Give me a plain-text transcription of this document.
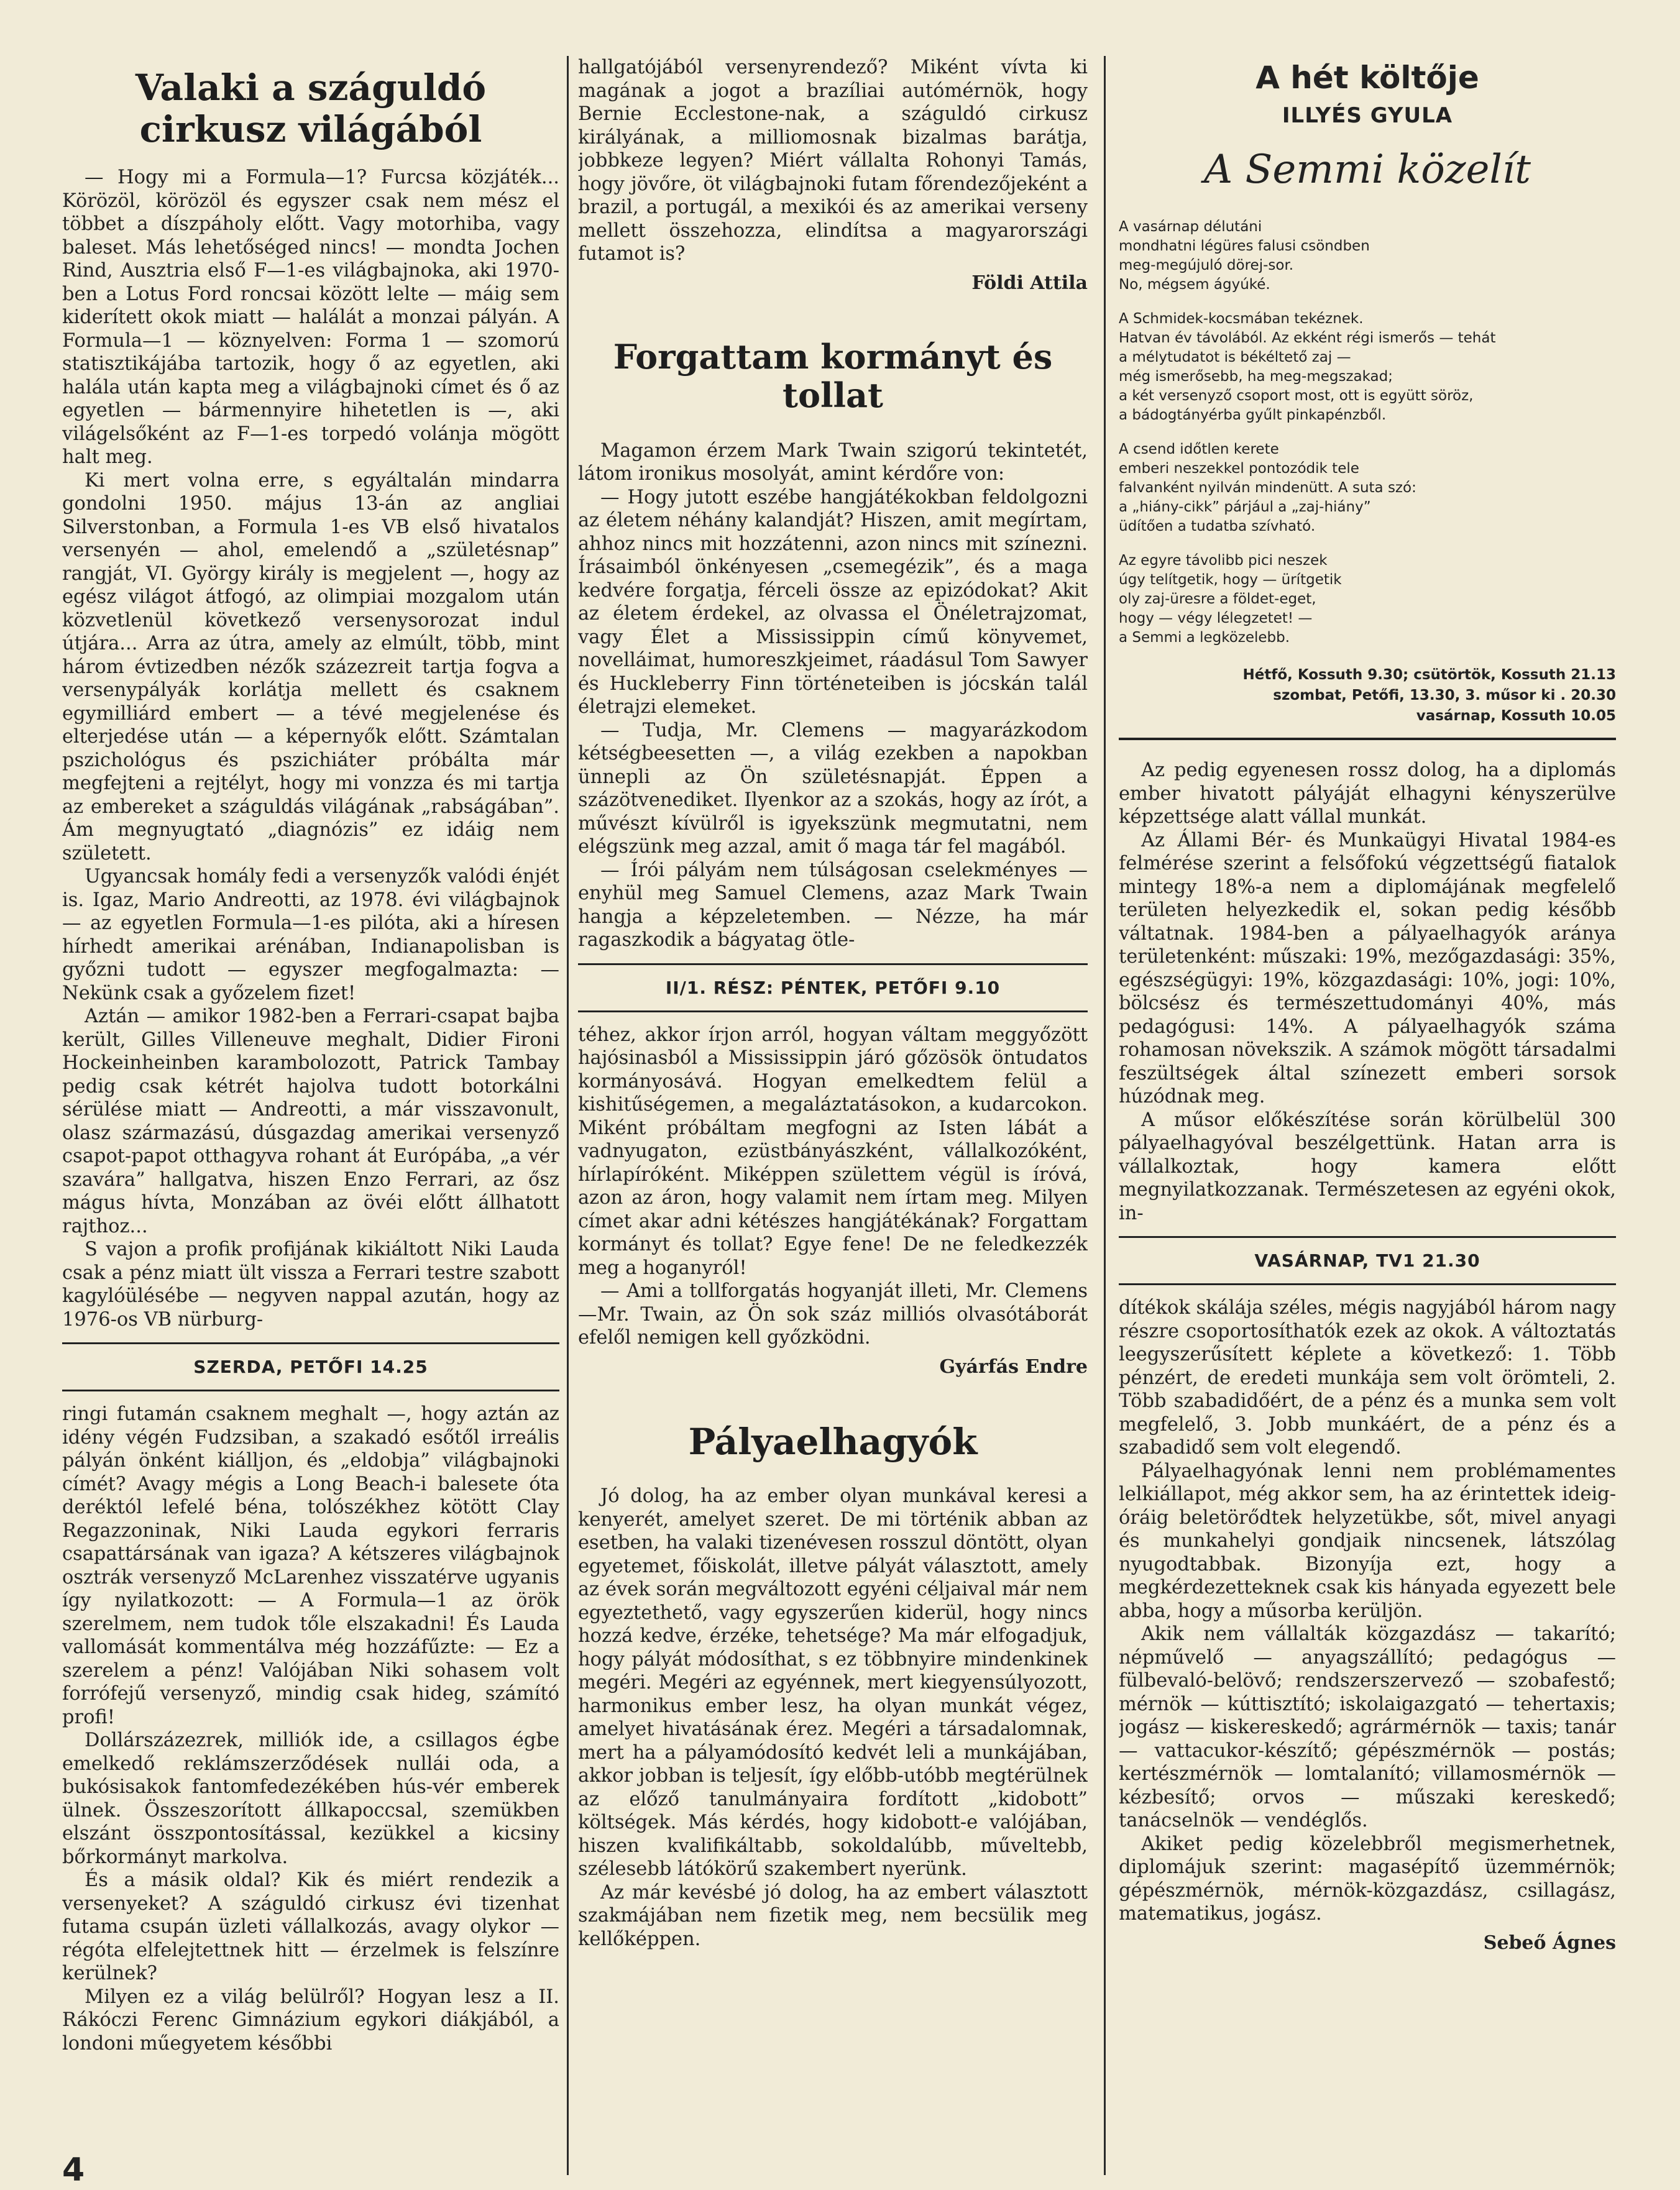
Valaki a száguldó cirkusz világából

— Hogy mi a Formula—1? Furcsa közjáték... Körözöl, körözöl és egyszer csak nem mész el többet a díszpáholy előtt. Vagy motorhiba, vagy baleset. Más lehetőséged nincs! — mondta Jochen Rind, Ausztria első F—1-es világbajnoka, aki 1970-ben a Lotus Ford roncsai között lelte — máig sem kiderített okok miatt — halálát a monzai pályán. A Formula—1 — köznyelven: Forma 1 — szomorú statisztikájába tartozik, hogy ő az egyetlen, aki halála után kapta meg a világbajnoki címet és ő az egyetlen — bármennyire hihetetlen is —, aki világelsőként az F—1-es torpedó volánja mögött halt meg.

Ki mert volna erre, s egyáltalán mindarra gondolni 1950. május 13-án az angliai Silverstonban, a Formula 1-es VB első hivatalos versenyén — ahol, emelendő a „születésnap” rangját, VI. György király is megjelent —, hogy az egész világot átfogó, az olimpiai mozgalom után közvetlenül következő versenysorozat indul útjára... Arra az útra, amely az elmúlt, több, mint három évtizedben nézők százezreit tartja fogva a versenypályák korlátja mellett és csaknem egymilliárd embert — a tévé megjelenése és elterjedése után — a képernyők előtt. Számtalan pszichológus és pszichiáter próbálta már megfejteni a rejtélyt, hogy mi vonzza és mi tartja az embereket a száguldás világának „rabságában”. Ám megnyugtató „diagnózis” ez idáig nem született.

Ugyancsak homály fedi a versenyzők valódi énjét is. Igaz, Mario Andreotti, az 1978. évi világbajnok — az egyetlen Formula—1-es pilóta, aki a híresen hírhedt amerikai arénában, Indianapolisban is győzni tudott — egyszer megfogalmazta: — Nekünk csak a győzelem fizet!

Aztán — amikor 1982-ben a Ferrari-csapat bajba került, Gilles Villeneuve meghalt, Didier Fironi Hockeinheinben karambolozott, Patrick Tambay pedig csak kétrét hajolva tudott botorkálni sérülése miatt — Andreotti, a már visszavonult, olasz származású, dúsgazdag amerikai versenyző csapot-papot otthagyva rohant át Európába, „a vér szavára” hallgatva, hiszen Enzo Ferrari, az ősz mágus hívta, Monzában az övéi előtt állhatott rajthoz...

S vajon a profik profijának kikiáltott Niki Lauda csak a pénz miatt ült vissza a Ferrari testre szabott kagylóülésébe — negyven nappal azután, hogy az 1976-os VB nürburg-

SZERDA, PETŐFI 14.25

ringi futamán csaknem meghalt —, hogy aztán az idény végén Fudzsiban, a szakadó esőtől irreális pályán önként kiálljon, és „eldobja” világbajnoki címét? Avagy mégis a Long Beach-i balesete óta deréktól lefelé béna, tolószékhez kötött Clay Regazzoninak, Niki Lauda egykori ferraris csapattársának van igaza? A kétszeres világbajnok osztrák versenyző McLarenhez visszatérve ugyanis így nyilatkozott: — A Formula—1 az örök szerelmem, nem tudok tőle elszakadni! És Lauda vallomását kommentálva még hozzáfűzte: — Ez a szerelem a pénz! Valójában Niki sohasem volt forrófejű versenyző, mindig csak hideg, számító profi!

Dollárszázezrek, milliók ide, a csillagos égbe emelkedő reklámszerződések nullái oda, a bukósisakok fantomfedezékében hús-vér emberek ülnek. Összeszorított állkapoccsal, szemükben elszánt összpontosítással, kezükkel a kicsiny bőrkormányt markolva.

És a másik oldal? Kik és miért rendezik a versenyeket? A száguldó cirkusz évi tizenhat futama csupán üzleti vállalkozás, avagy olykor — régóta elfelejtettnek hitt — érzelmek is felszínre kerülnek?

Milyen ez a világ belülről? Hogyan lesz a II. Rákóczi Ferenc Gimnázium egykori diákjából, a londoni műegyetem későbbi

hallgatójából versenyrendező? Miként vívta ki magának a jogot a brazíliai autómérnök, hogy Bernie Ecclestone-nak, a száguldó cirkusz királyának, a milliomosnak bizalmas barátja, jobbkeze legyen? Miért vállalta Rohonyi Tamás, hogy jövőre, öt világbajnoki futam főrendezőjeként a brazil, a portugál, a mexikói és az amerikai verseny mellett összehozza, elindítsa a magyarországi futamot is?

Földi Attila

Forgattam kormányt és tollat

Magamon érzem Mark Twain szigorú tekintetét, látom ironikus mosolyát, amint kérdőre von:

— Hogy jutott eszébe hangjátékokban feldolgozni az életem néhány kalandját? Hiszen, amit megírtam, ahhoz nincs mit hozzátenni, azon nincs mit színezni. Írásaimból önkényesen „csemegézik”, és a maga kedvére forgatja, férceli össze az epizódokat? Akit az életem érdekel, az olvassa el Önéletrajzomat, vagy Élet a Mississippin című könyvemet, novelláimat, humoreszkjeimet, ráadásul Tom Sawyer és Huckleberry Finn történeteiben is jócskán talál életrajzi elemeket.

— Tudja, Mr. Clemens — magyarázkodom kétségbeesetten —, a világ ezekben a napokban ünnepli az Ön születésnapját. Éppen a százötvenediket. Ilyenkor az a szokás, hogy az írót, a művészt kívülről is igyekszünk megmutatni, nem elégszünk meg azzal, amit ő maga tár fel magából.

— Írói pályám nem túlságosan cselekményes — enyhül meg Samuel Clemens, azaz Mark Twain hangja a képzeletemben. — Nézze, ha már ragaszkodik a bágyatag ötle-

II/1. RÉSZ: PÉNTEK, PETŐFI 9.10

téhez, akkor írjon arról, hogyan váltam meggyőzött hajósinasból a Mississippin járó gőzösök öntudatos kormányosává. Hogyan emelkedtem felül a kishitűségemen, a megaláztatásokon, a kudarcokon. Miként próbáltam megfogni az Isten lábát a vadnyugaton, ezüstbányászként, vállalkozóként, hírlapíróként. Miképpen születtem végül is íróvá, azon az áron, hogy valamit nem írtam meg. Milyen címet akar adni kétészes hangjátékának? Forgattam kormányt és tollat? Egye fene! De ne feledkezzék meg a hoganyról!

— Ami a tollforgatás hogyanját illeti, Mr. Clemens—Mr. Twain, az Ön sok száz milliós olvasótáborát efelől nemigen kell győzködni.

Gyárfás Endre

Pályaelhagyók

Jó dolog, ha az ember olyan munkával keresi a kenyerét, amelyet szeret. De mi történik abban az esetben, ha valaki tizenévesen rosszul döntött, olyan egyetemet, főiskolát, illetve pályát választott, amely az évek során megváltozott egyéni céljaival már nem egyeztethető, vagy egyszerűen kiderül, hogy nincs hozzá kedve, érzéke, tehetsége? Ma már elfogadjuk, hogy pályát módosíthat, s ez többnyire mindenkinek megéri. Megéri az egyénnek, mert kiegyensúlyozott, harmonikus ember lesz, ha olyan munkát végez, amelyet hivatásának érez. Megéri a társadalomnak, mert ha a pályamódosító kedvét leli a munkájában, akkor jobban is teljesít, így előbb-utóbb megtérülnek az előző tanulmányaira fordított „kidobott” költségek. Más kérdés, hogy kidobott-e valójában, hiszen kvalifikáltabb, sokoldalúbb, műveltebb, szélesebb látókörű szakembert nyerünk.

Az már kevésbé jó dolog, ha az embert választott szakmájában nem fizetik meg, nem becsülik meg kellőképpen.

A hét költője
ILLYÉS GYULA
A Semmi közelít

A vasárnap délutáni
mondhatni légüres falusi csöndben
meg-megújuló dörej-sor.
No, mégsem ágyúké.

A Schmidek-kocsmában tekéznek.
Hatvan év távolából. Az ekként régi ismerős — tehát
a mélytudatot is békéltető zaj —
még ismerősebb, ha meg-megszakad;
a két versenyző csoport most, ott is együtt söröz,
a bádogtányérba gyűlt pinkapénzből.

A csend időtlen kerete
emberi neszekkel pontozódik tele
falvanként nyilván mindenütt. A suta szó:
a „hiány-cikk” párjául a „zaj-hiány”
üdítően a tudatba szívható.

Az egyre távolibb pici neszek
úgy telítgetik, hogy — ürítgetik
oly zaj-üresre a földet-eget,
hogy — végy lélegzetet! —
a Semmi a legközelebb.

Hétfő, Kossuth 9.30; csütörtök, Kossuth 21.13
szombat, Petőfi, 13.30, 3. műsor ki . 20.30
vasárnap, Kossuth 10.05

Az pedig egyenesen rossz dolog, ha a diplomás ember hivatott pályáját elhagyni kényszerülve képzettsége alatt vállal munkát.

Az Állami Bér- és Munkaügyi Hivatal 1984-es felmérése szerint a felsőfokú végzettségű fiatalok mintegy 18%-a nem a diplomájának megfelelő területen helyezkedik el, sokan pedig később váltatnak. 1984-ben a pályaelhagyók aránya területenként: műszaki: 19%, mezőgazdasági: 35%, egészségügyi: 19%, közgazdasági: 10%, jogi: 10%, bölcsész és természettudományi 40%, más pedagógusi: 14%. A pályaelhagyók száma rohamosan növekszik. A számok mögött társadalmi feszültségek által színezett emberi sorsok húzódnak meg.

A műsor előkészítése során körülbelül 300 pályaelhagyóval beszélgettünk. Hatan arra is vállalkoztak, hogy kamera előtt megnyilatkozzanak. Természetesen az egyéni okok, in-

VASÁRNAP, TV1 21.30

dítékok skálája széles, mégis nagyjából három nagy részre csoportosíthatók ezek az okok. A változtatás leegyszerűsített képlete a következő: 1. Több pénzért, de eredeti munkája sem volt örömteli, 2. Több szabadidőért, de a pénz és a munka sem volt megfelelő, 3. Jobb munkáért, de a pénz és a szabadidő sem volt elegendő.

Pályaelhagyónak lenni nem problémamentes lelkiállapot, még akkor sem, ha az érintettek ideig-óráig beletörődtek helyzetükbe, sőt, mivel anyagi és munkahelyi gondjaik nincsenek, látszólag nyugodtabbak. Bizonyíja ezt, hogy a megkérdezetteknek csak kis hányada egyezett bele abba, hogy a műsorba kerüljön.

Akik nem vállalták közgazdász — takarító; népművelő — anyagszállító; pedagógus — fülbevaló-belövő; rendszerszervező — szobafestő; mérnök — kúttisztító; iskolaigazgató — tehertaxis; jogász — kiskereskedő; agrármérnök — taxis; tanár — vattacukor-készítő; gépészmérnök — postás; kertészmérnök — lomtalanító; villamosmérnök — kézbesítő; orvos — műszaki kereskedő; tanácselnök — vendéglős.

Akiket pedig közelebbről megismerhetnek, diplomájuk szerint: magasépítő üzemmérnök; gépészmérnök, mérnök-közgazdász, csillagász, matematikus, jogász.

Sebeő Ágnes

4
